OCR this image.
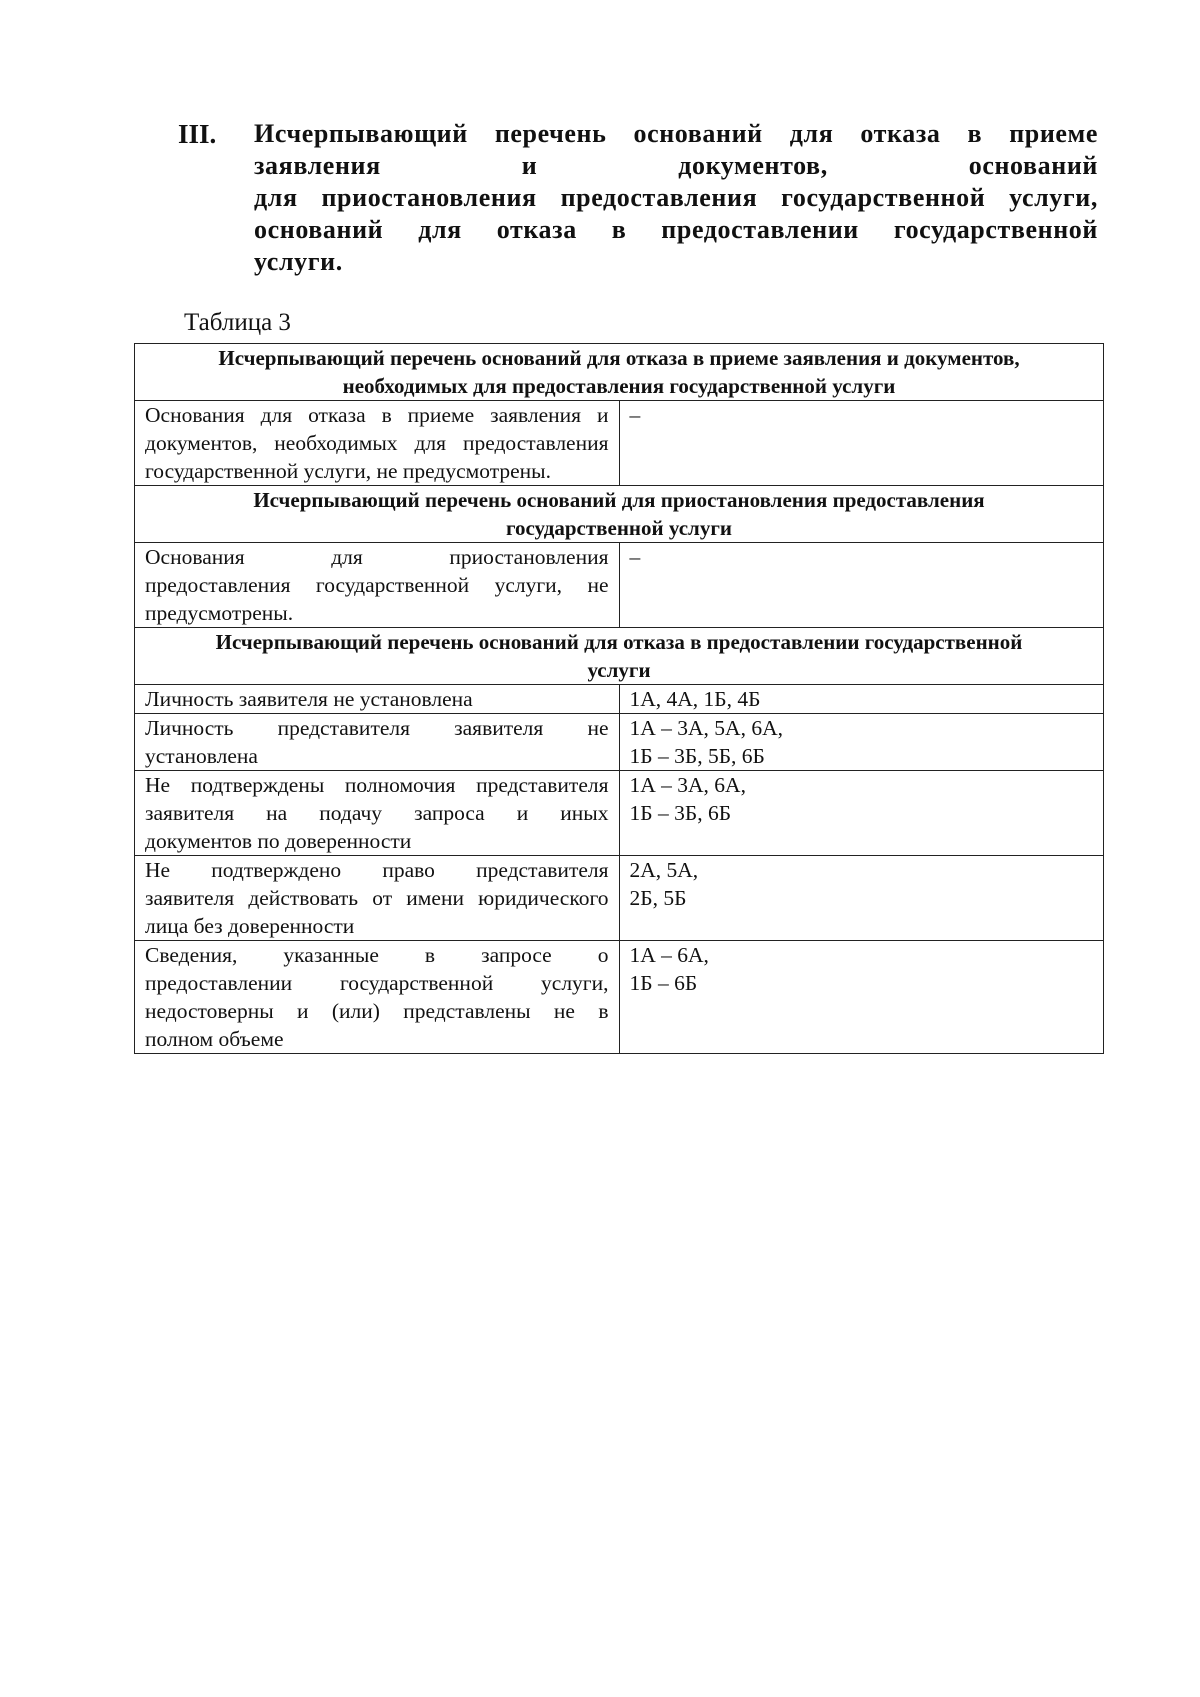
III.	Исчерпывающий перечень оснований для отказа в приеме
заявления и документов, оснований
для приостановления предоставления государственной услуги,
оснований для отказа в предоставлении государственной
услуги.
Таблица 3
Исчерпывающий перечень оснований для отказа в приеме заявления и документов,
необходимых для предоставления государственной услуги	

Основания для отказа в приеме заявления и
документов, необходимых для предоставления
государственной услуги, не предусмотрены.	–

Исчерпывающий перечень оснований для приостановления предоставления
государственной услуги	

Основания для приостановления
предоставления государственной услуги, не
предусмотрены.	–

Исчерпывающий перечень оснований для отказа в предоставлении государственной
услуги	

Личность заявителя не установлена	1А, 4А, 1Б, 4Б

Личность представителя заявителя не
установлена	1А – 3А, 5А, 6А,
1Б – 3Б, 5Б, 6Б

Не подтверждены полномочия представителя
заявителя на подачу запроса и иных
документов по доверенности	1А – 3А, 6А,
1Б – 3Б, 6Б

Не подтверждено право представителя
заявителя действовать от имени юридического
лица без доверенности	2А, 5А,
2Б, 5Б

Сведения, указанные в запросе о
предоставлении государственной услуги,
недостоверны и (или) представлены не в
полном объеме	1А – 6А,
1Б – 6Б
